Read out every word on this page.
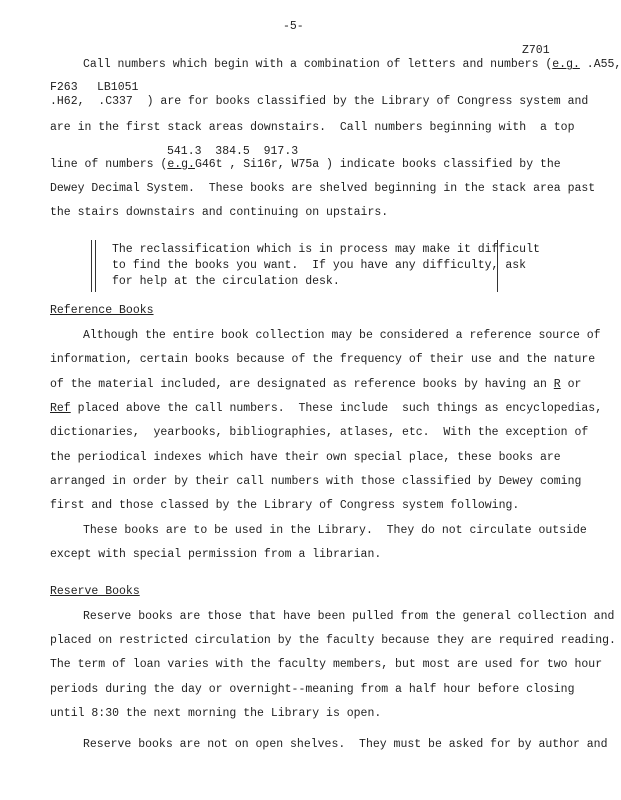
-5-
Z701
Call numbers which begin with a combination of letters and numbers (e.g. .A55,
F263 LB1051
.H62,  .C337  ) are for books classified by the Library of Congress system and
are in the first stack areas downstairs.  Call numbers beginning with  a top
541.3  384.5  917.3
line of numbers (e.g.G46t , Si16r, W75a ) indicate books classified by the
Dewey Decimal System.  These books are shelved beginning in the stack area past
the stairs downstairs and continuing on upstairs.
The reclassification which is in process may make it difficult
to find the books you want.  If you have any difficulty, ask
for help at the circulation desk.
Reference Books
Although the entire book collection may be considered a reference source of
information, certain books because of the frequency of their use and the nature
of the material included, are designated as reference books by having an R or
Ref placed above the call numbers.  These include  such things as encyclopedias,
dictionaries,  yearbooks, bibliographies, atlases, etc.  With the exception of
the periodical indexes which have their own special place, these books are
arranged in order by their call numbers with those classified by Dewey coming
first and those classed by the Library of Congress system following.
These books are to be used in the Library.  They do not circulate outside
except with special permission from a librarian.
Reserve Books
Reserve books are those that have been pulled from the general collection and
placed on restricted circulation by the faculty because they are required reading.
The term of loan varies with the faculty members, but most are used for two hour
periods during the day or overnight--meaning from a half hour before closing
until 8:30 the next morning the Library is open.
Reserve books are not on open shelves.  They must be asked for by author and
